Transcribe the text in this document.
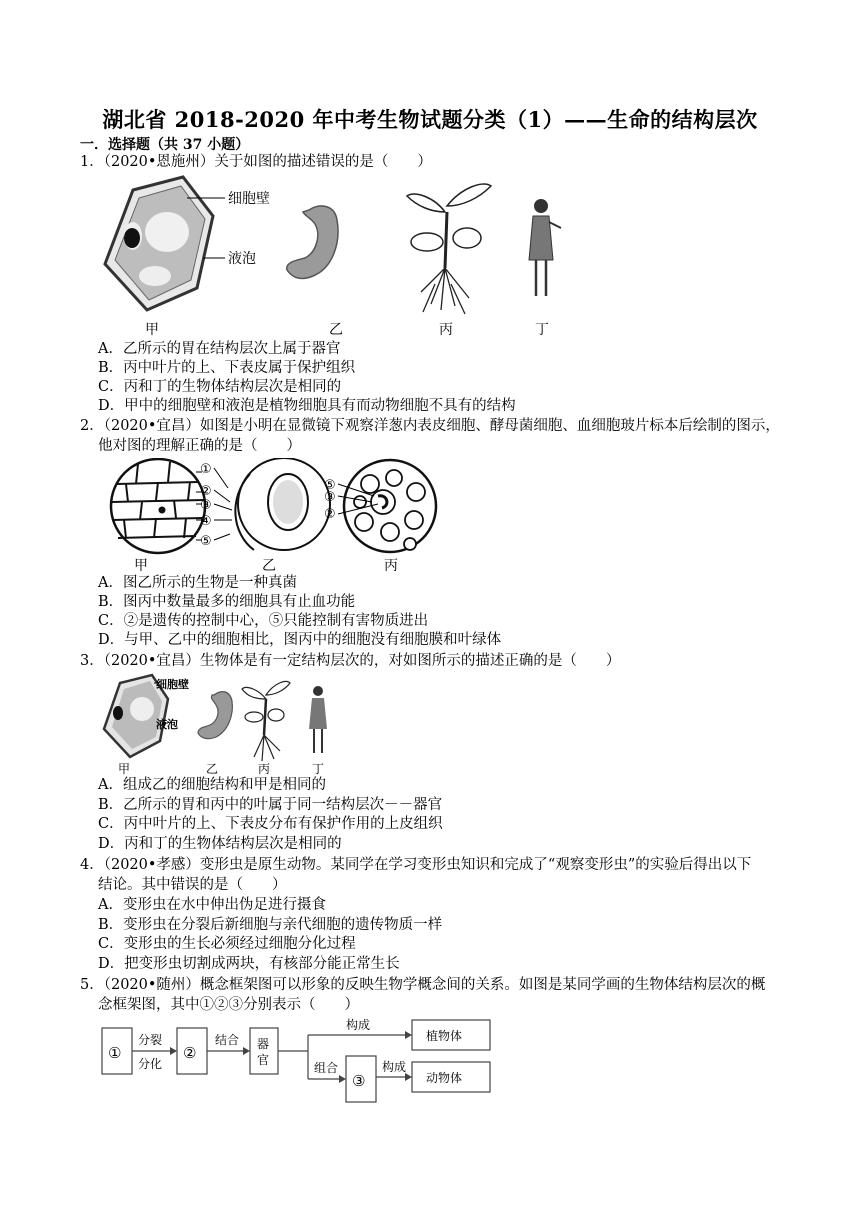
湖北省 2018-2020 年中考生物试题分类（1）——生命的结构层次
一．选择题（共 37 小题）
1．（2020•恩施州）关于如图的描述错误的是（　　）
细胞壁
液泡
甲	乙	丙	丁
A．乙所示的胃在结构层次上属于器官
B．丙中叶片的上、下表皮属于保护组织
C．丙和丁的生物体结构层次是相同的
D．甲中的细胞壁和液泡是植物细胞具有而动物细胞不具有的结构
2．（2020•宜昌）如图是小明在显微镜下观察洋葱内表皮细胞、酵母菌细胞、血细胞玻片标本后绘制的图示，
他对图的理解正确的是（　　）
①
②
③
④
⑤
⑤
③
②
甲	乙	丙
A．图乙所示的生物是一种真菌
B．图丙中数量最多的细胞具有止血功能
C．②是遗传的控制中心，⑤只能控制有害物质进出
D．与甲、乙中的细胞相比，图丙中的细胞没有细胞膜和叶绿体
3．（2020•宜昌）生物体是有一定结构层次的，对如图所示的描述正确的是（　　）
细胞壁
液泡
甲	乙	丙	丁
A．组成乙的细胞结构和甲是相同的
B．乙所示的胃和丙中的叶属于同一结构层次－－器官
C．丙中叶片的上、下表皮分布有保护作用的上皮组织
D．丙和丁的生物体结构层次是相同的
4．（2020•孝感）变形虫是原生动物。某同学在学习变形虫知识和完成了“观察变形虫”的实验后得出以下
结论。其中错误的是（　　）
A．变形虫在水中伸出伪足进行摄食
B．变形虫在分裂后新细胞与亲代细胞的遗传物质一样
C．变形虫的生长必须经过细胞分化过程
D．把变形虫切割成两块，有核部分能正常生长
5．（2020•随州）概念框架图可以形象的反映生物学概念间的关系。如图是某同学画的生物体结构层次的概
念框架图，其中①②③分别表示（　　）
①
分裂
分化
②
结合 器
官
构成
植物体
组合
③
构成
动物体
